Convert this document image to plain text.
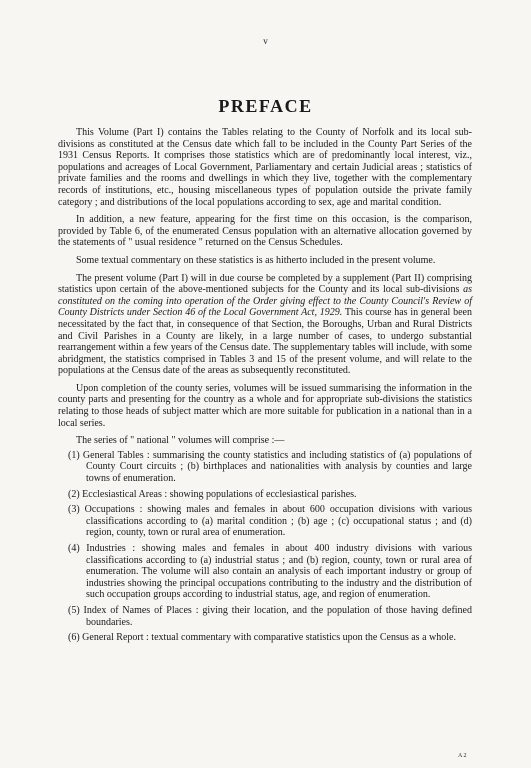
v
PREFACE

This Volume (Part I) contains the Tables relating to the County of Norfolk and its local sub-divisions as constituted at the Census date which fall to be included in the County Part Series of the 1931 Census Reports. It comprises those statistics which are of predominantly local interest, viz., populations and acreages of Local Government, Parliamentary and certain Judicial areas ; statistics of private families and the rooms and dwellings in which they live, together with the complementary records of institutions, etc., housing miscellaneous types of population outside the private family category ; and distributions of the local populations according to sex, age and marital condition.

In addition, a new feature, appearing for the first time on this occasion, is the comparison, provided by Table 6, of the enumerated Census population with an alternative allocation governed by the statements of " usual residence " returned on the Census Schedules.

Some textual commentary on these statistics is as hitherto included in the present volume.

The present volume (Part I) will in due course be completed by a supplement (Part II) comprising statistics upon certain of the above-mentioned subjects for the County and its local sub-divisions as constituted on the coming into operation of the Order giving effect to the County Council's Review of County Districts under Section 46 of the Local Government Act, 1929. This course has in general been necessitated by the fact that, in consequence of that Section, the Boroughs, Urban and Rural Districts and Civil Parishes in a County are likely, in a large number of cases, to undergo substantial rearrangement within a few years of the Census date. The supplementary tables will include, with some abridgment, the statistics comprised in Tables 3 and 15 of the present volume, and will relate to the populations at the Census date of the areas as subsequently reconstituted.

Upon completion of the county series, volumes will be issued summarising the information in the county parts and presenting for the country as a whole and for appropriate sub-divisions the statistics relating to those heads of subject matter which are more suitable for publication in a national than in a local series.

The series of " national " volumes will comprise :—
(1) General Tables : summarising the county statistics and including statistics of (a) populations of County Court circuits ; (b) birthplaces and nationalities with analysis by counties and large towns of enumeration.
(2) Ecclesiastical Areas : showing populations of ecclesiastical parishes.
(3) Occupations : showing males and females in about 600 occupation divisions with various classifications according to (a) marital condition ; (b) age ; (c) occupational status ; and (d) region, county, town or rural area of enumeration.
(4) Industries : showing males and females in about 400 industry divisions with various classifications according to (a) industrial status ; and (b) region, county, town or rural area of enumeration. The volume will also contain an analysis of each important industry or group of industries showing the principal occupations contributing to the industry and the distribution of such occupation groups according to industrial status, age, and region of enumeration.
(5) Index of Names of Places : giving their location, and the population of those having defined boundaries.
(6) General Report : textual commentary with comparative statistics upon the Census as a whole.
A 2
